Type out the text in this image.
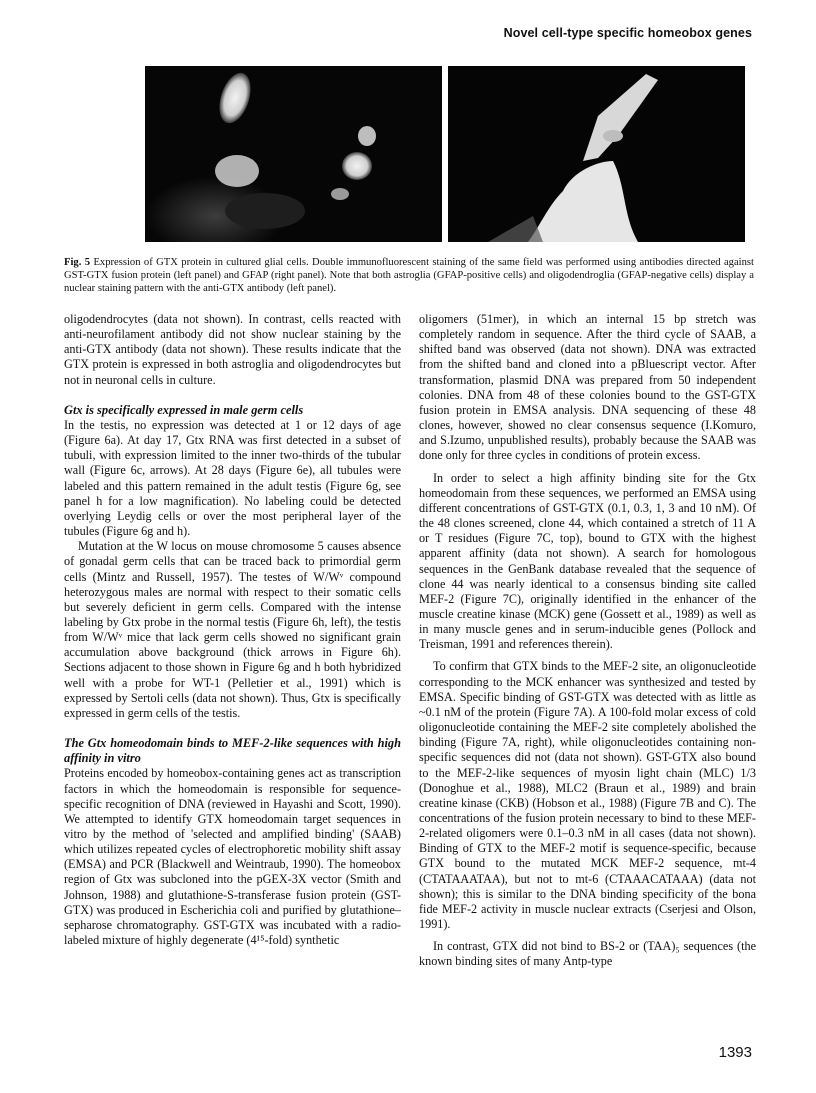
Novel cell-type specific homeobox genes
Fig. 5 Expression of GTX protein in cultured glial cells. Double immunofluorescent staining of the same field was performed using antibodies directed against GST-GTX fusion protein (left panel) and GFAP (right panel). Note that both astroglia (GFAP-positive cells) and oligodendroglia (GFAP-negative cells) display a nuclear staining pattern with the anti-GTX antibody (left panel).

oligodendrocytes (data not shown). In contrast, cells reacted with anti-neurofilament antibody did not show nuclear staining by the anti-GTX antibody (data not shown). These results indicate that the GTX protein is expressed in both astroglia and oligodendrocytes but not in neuronal cells in culture.

Gtx is specifically expressed in male germ cells

In the testis, no expression was detected at 1 or 12 days of age (Figure 6a). At day 17, Gtx RNA was first detected in a subset of tubuli, with expression limited to the inner two-thirds of the tubular wall (Figure 6c, arrows). At 28 days (Figure 6e), all tubules were labeled and this pattern remained in the adult testis (Figure 6g, see panel h for a low magnification). No labeling could be detected overlying Leydig cells or over the most peripheral layer of the tubules (Figure 6g and h).

Mutation at the W locus on mouse chromosome 5 causes absence of gonadal germ cells that can be traced back to primordial germ cells (Mintz and Russell, 1957). The testes of W/Wᵛ compound heterozygous males are normal with respect to their somatic cells but severely deficient in germ cells. Compared with the intense labeling by Gtx probe in the normal testis (Figure 6h, left), the testis from W/Wᵛ mice that lack germ cells showed no significant grain accumulation above background (thick arrows in Figure 6h). Sections adjacent to those shown in Figure 6g and h both hybridized well with a probe for WT-1 (Pelletier et al., 1991) which is expressed by Sertoli cells (data not shown). Thus, Gtx is specifically expressed in germ cells of the testis.

The Gtx homeodomain binds to MEF-2-like sequences with high affinity in vitro

Proteins encoded by homeobox-containing genes act as transcription factors in which the homeodomain is responsible for sequence-specific recognition of DNA (reviewed in Hayashi and Scott, 1990). We attempted to identify GTX homeodomain target sequences in vitro by the method of 'selected and amplified binding' (SAAB) which utilizes repeated cycles of electrophoretic mobility shift assay (EMSA) and PCR (Blackwell and Weintraub, 1990). The homeobox region of Gtx was subcloned into the pGEX-3X vector (Smith and Johnson, 1988) and glutathione-S-transferase fusion protein (GST-GTX) was produced in Escherichia coli and purified by glutathione–sepharose chromatography. GST-GTX was incubated with a radio-labeled mixture of highly degenerate (4¹⁵-fold) synthetic

oligomers (51mer), in which an internal 15 bp stretch was completely random in sequence. After the third cycle of SAAB, a shifted band was observed (data not shown). DNA was extracted from the shifted band and cloned into a pBluescript vector. After transformation, plasmid DNA was prepared from 50 independent colonies. DNA from 48 of these colonies bound to the GST-GTX fusion protein in EMSA analysis. DNA sequencing of these 48 clones, however, showed no clear consensus sequence (I.Komuro, and S.Izumo, unpublished results), probably because the SAAB was done only for three cycles in conditions of protein excess.

In order to select a high affinity binding site for the Gtx homeodomain from these sequences, we performed an EMSA using different concentrations of GST-GTX (0.1, 0.3, 1, 3 and 10 nM). Of the 48 clones screened, clone 44, which contained a stretch of 11 A or T residues (Figure 7C, top), bound to GTX with the highest apparent affinity (data not shown). A search for homologous sequences in the GenBank database revealed that the sequence of clone 44 was nearly identical to a consensus binding site called MEF-2 (Figure 7C), originally identified in the enhancer of the muscle creatine kinase (MCK) gene (Gossett et al., 1989) as well as in many muscle genes and in serum-inducible genes (Pollock and Treisman, 1991 and references therein).

To confirm that GTX binds to the MEF-2 site, an oligonucleotide corresponding to the MCK enhancer was synthesized and tested by EMSA. Specific binding of GST-GTX was detected with as little as ~0.1 nM of the protein (Figure 7A). A 100-fold molar excess of cold oligonucleotide containing the MEF-2 site completely abolished the binding (Figure 7A, right), while oligonucleotides containing non-specific sequences did not (data not shown). GST-GTX also bound to the MEF-2-like sequences of myosin light chain (MLC) 1/3 (Donoghue et al., 1988), MLC2 (Braun et al., 1989) and brain creatine kinase (CKB) (Hobson et al., 1988) (Figure 7B and C). The concentrations of the fusion protein necessary to bind to these MEF-2-related oligomers were 0.1–0.3 nM in all cases (data not shown). Binding of GTX to the MEF-2 motif is sequence-specific, because GTX bound to the mutated MCK MEF-2 sequence, mt-4 (CTATAAATAA), but not to mt-6 (CTAAACATAAA) (data not shown); this is similar to the DNA binding specificity of the bona fide MEF-2 activity in muscle nuclear extracts (Cserjesi and Olson, 1991).

In contrast, GTX did not bind to BS-2 or (TAA)₅ sequences (the known binding sites of many Antp-type

1393
